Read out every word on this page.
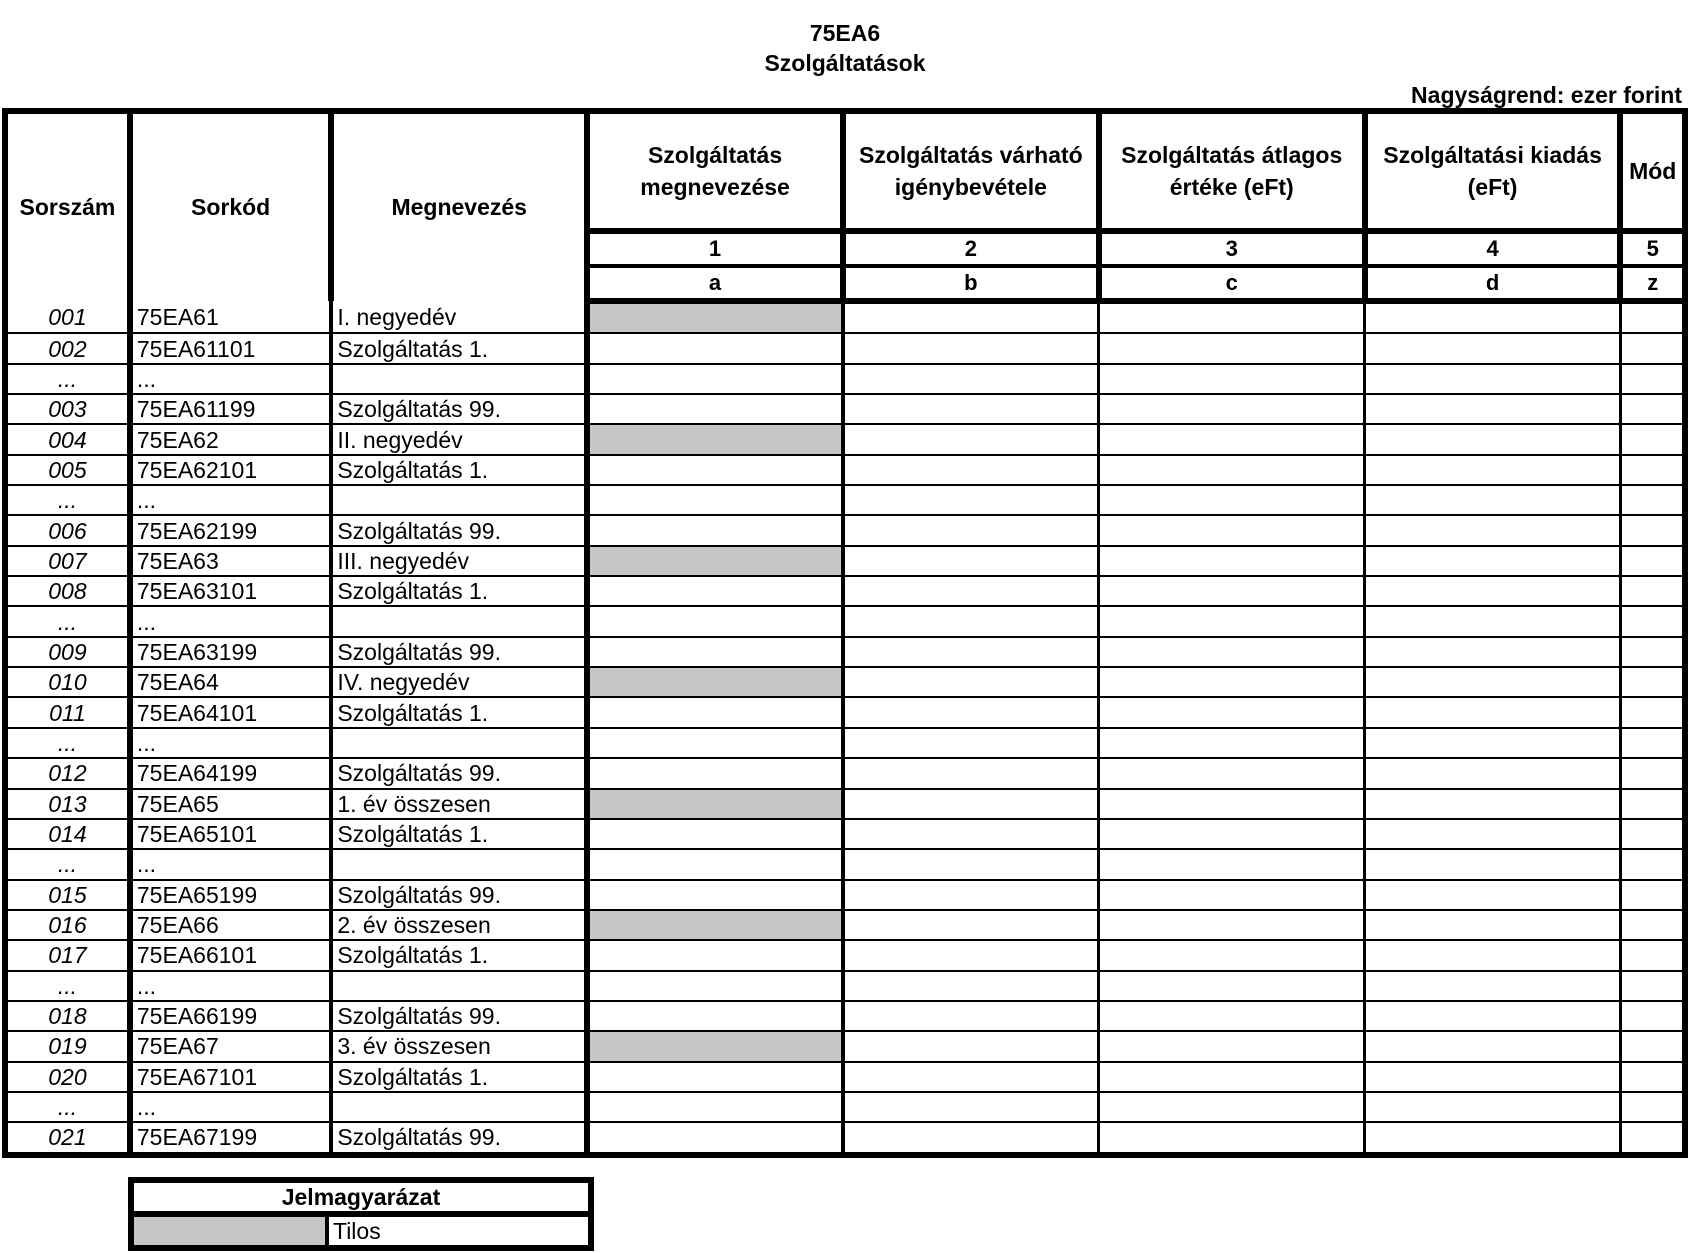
75EA6
Szolgáltatások
Nagyságrend: ezer forint
Sorszám	Sorkód	Megnevezés	Szolgáltatás megnevezése	Szolgáltatás várható igénybevétele	Szolgáltatás átlagos értéke (eFt)	Szolgáltatási kiadás (eFt)	Mód
			1	2	3	4	5
			a	b	c	d	z
001	75EA61	I. negyedév					
002	75EA61101	Szolgáltatás 1.					
...	...						
003	75EA61199	Szolgáltatás 99.					
004	75EA62	II. negyedév					
005	75EA62101	Szolgáltatás 1.					
...	...						
006	75EA62199	Szolgáltatás 99.					
007	75EA63	III. negyedév					
008	75EA63101	Szolgáltatás 1.					
...	...						
009	75EA63199	Szolgáltatás 99.					
010	75EA64	IV. negyedév					
011	75EA64101	Szolgáltatás 1.					
...	...						
012	75EA64199	Szolgáltatás 99.					
013	75EA65	1. év összesen					
014	75EA65101	Szolgáltatás 1.					
...	...						
015	75EA65199	Szolgáltatás 99.					
016	75EA66	2. év összesen					
017	75EA66101	Szolgáltatás 1.					
...	...						
018	75EA66199	Szolgáltatás 99.					
019	75EA67	3. év összesen					
020	75EA67101	Szolgáltatás 1.					
...	...						
021	75EA67199	Szolgáltatás 99.					
Jelmagyarázat
	Tilos
